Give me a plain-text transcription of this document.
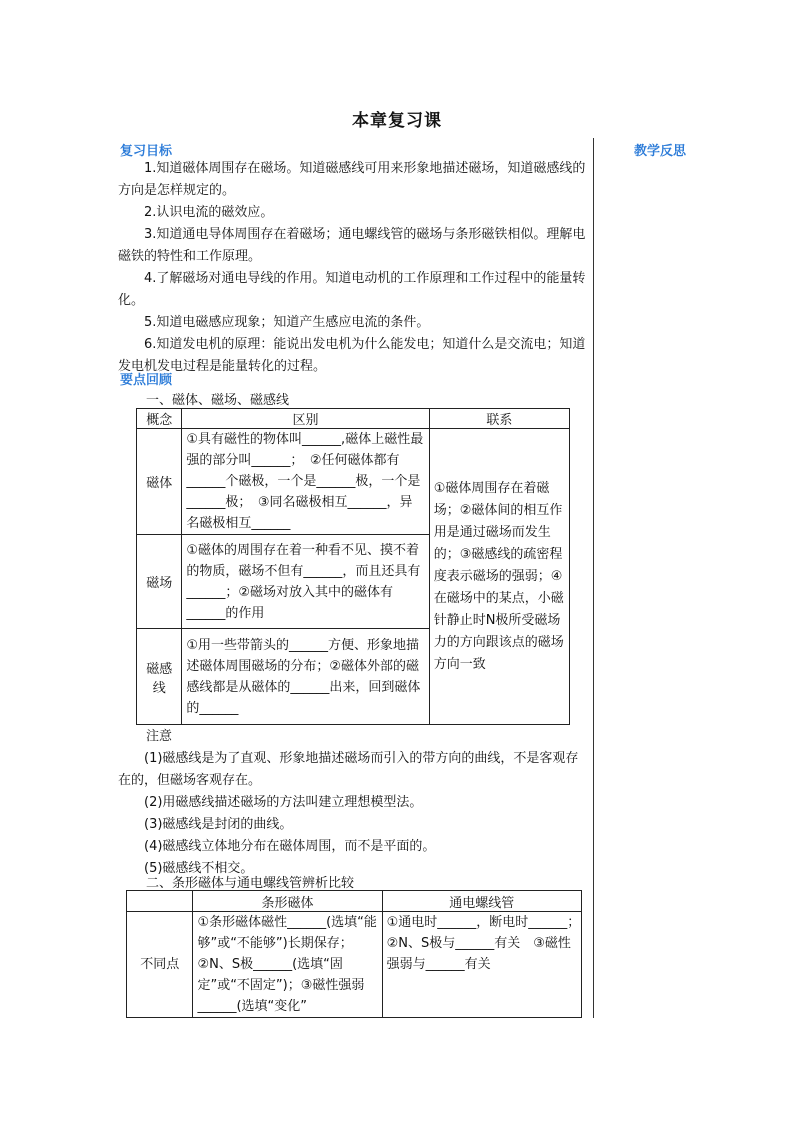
本章复习课
教学反思
复习目标

1.知道磁体周围存在磁场。知道磁感线可用来形象地描述磁场，知道磁感线的方向是怎样规定的。

2.认识电流的磁效应。

3.知道通电导体周围存在着磁场；通电螺线管的磁场与条形磁铁相似。理解电磁铁的特性和工作原理。

4.了解磁场对通电导线的作用。知道电动机的工作原理和工作过程中的能量转化。

5.知道电磁感应现象；知道产生感应电流的条件。

6.知道发电机的原理：能说出发电机为什么能发电；知道什么是交流电；知道发电机发电过程是能量转化的过程。

要点回顾
一、磁体、磁场、磁感线
概念	区别	联系
磁体	①具有磁性的物体叫______,磁体上磁性最强的部分叫______；　②任何磁体都有______个磁极，一个是______极，一个是______极；　③同名磁极相互______，异名磁极相互______	①磁体周围存在着磁场；②磁体间的相互作用是通过磁场而发生的；③磁感线的疏密程度表示磁场的强弱；④在磁场中的某点，小磁针静止时N极所受磁场力的方向跟该点的磁场方向一致
磁场	①磁体的周围存在着一种看不见、摸不着的物质，磁场不但有______，而且还具有______；②磁场对放入其中的磁体有______的作用	
磁感线	①用一些带箭头的______方便、形象地描述磁体周围磁场的分布；②磁体外部的磁感线都是从磁体的______出来，回到磁体的______	

注意

(1)磁感线是为了直观、形象地描述磁场而引入的带方向的曲线，不是客观存在的，但磁场客观存在。

(2)用磁感线描述磁场的方法叫建立理想模型法。

(3)磁感线是封闭的曲线。

(4)磁感线立体地分布在磁体周围，而不是平面的。

(5)磁感线不相交。

二、条形磁体与通电螺线管辨析比较
	条形磁体	通电螺线管
不同点	①条形磁体磁性______(选填“能够”或“不能够”)长期保存；②N、S极______(选填“固定”或“不固定”)；③磁性强弱______(选填“变化”	①通电时______，断电时______；　②N、S极与______有关　③磁性强弱与______有关
